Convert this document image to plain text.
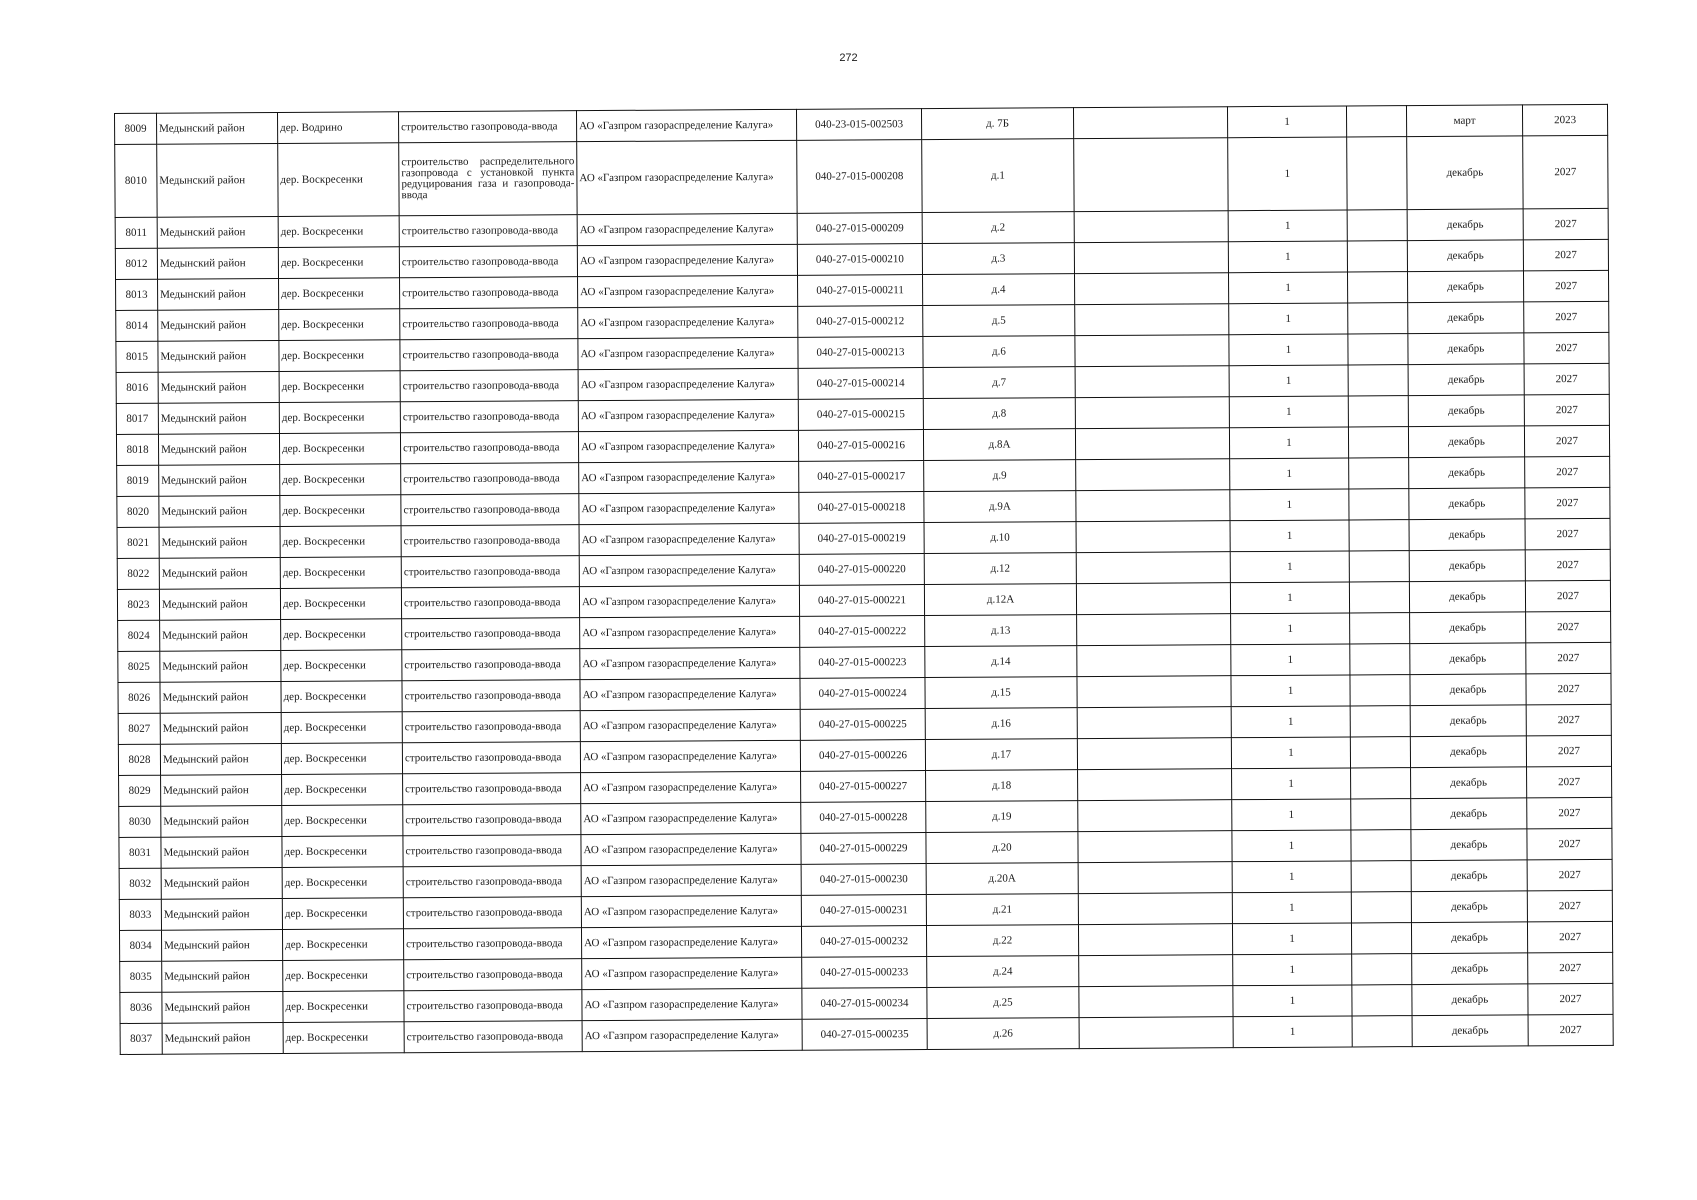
272
8009	Медынский район	дер. Водрино	строительство газопровода-ввода	АО «Газпром газораспределение Калуга»	040-23-015-002503	д. 7Б		1		март	2023
8010	Медынский район	дер. Воскресенки	строительство распределительного газопровода с установкой пункта редуцирования газа и газопровода-ввода	АО «Газпром газораспределение Калуга»	040-27-015-000208	д.1		1		декабрь	2027
8011	Медынский район	дер. Воскресенки	строительство газопровода-ввода	АО «Газпром газораспределение Калуга»	040-27-015-000209	д.2		1		декабрь	2027
8012	Медынский район	дер. Воскресенки	строительство газопровода-ввода	АО «Газпром газораспределение Калуга»	040-27-015-000210	д.3		1		декабрь	2027
8013	Медынский район	дер. Воскресенки	строительство газопровода-ввода	АО «Газпром газораспределение Калуга»	040-27-015-000211	д.4		1		декабрь	2027
8014	Медынский район	дер. Воскресенки	строительство газопровода-ввода	АО «Газпром газораспределение Калуга»	040-27-015-000212	д.5		1		декабрь	2027
8015	Медынский район	дер. Воскресенки	строительство газопровода-ввода	АО «Газпром газораспределение Калуга»	040-27-015-000213	д.6		1		декабрь	2027
8016	Медынский район	дер. Воскресенки	строительство газопровода-ввода	АО «Газпром газораспределение Калуга»	040-27-015-000214	д.7		1		декабрь	2027
8017	Медынский район	дер. Воскресенки	строительство газопровода-ввода	АО «Газпром газораспределение Калуга»	040-27-015-000215	д.8		1		декабрь	2027
8018	Медынский район	дер. Воскресенки	строительство газопровода-ввода	АО «Газпром газораспределение Калуга»	040-27-015-000216	д.8А		1		декабрь	2027
8019	Медынский район	дер. Воскресенки	строительство газопровода-ввода	АО «Газпром газораспределение Калуга»	040-27-015-000217	д.9		1		декабрь	2027
8020	Медынский район	дер. Воскресенки	строительство газопровода-ввода	АО «Газпром газораспределение Калуга»	040-27-015-000218	д.9А		1		декабрь	2027
8021	Медынский район	дер. Воскресенки	строительство газопровода-ввода	АО «Газпром газораспределение Калуга»	040-27-015-000219	д.10		1		декабрь	2027
8022	Медынский район	дер. Воскресенки	строительство газопровода-ввода	АО «Газпром газораспределение Калуга»	040-27-015-000220	д.12		1		декабрь	2027
8023	Медынский район	дер. Воскресенки	строительство газопровода-ввода	АО «Газпром газораспределение Калуга»	040-27-015-000221	д.12А		1		декабрь	2027
8024	Медынский район	дер. Воскресенки	строительство газопровода-ввода	АО «Газпром газораспределение Калуга»	040-27-015-000222	д.13		1		декабрь	2027
8025	Медынский район	дер. Воскресенки	строительство газопровода-ввода	АО «Газпром газораспределение Калуга»	040-27-015-000223	д.14		1		декабрь	2027
8026	Медынский район	дер. Воскресенки	строительство газопровода-ввода	АО «Газпром газораспределение Калуга»	040-27-015-000224	д.15		1		декабрь	2027
8027	Медынский район	дер. Воскресенки	строительство газопровода-ввода	АО «Газпром газораспределение Калуга»	040-27-015-000225	д.16		1		декабрь	2027
8028	Медынский район	дер. Воскресенки	строительство газопровода-ввода	АО «Газпром газораспределение Калуга»	040-27-015-000226	д.17		1		декабрь	2027
8029	Медынский район	дер. Воскресенки	строительство газопровода-ввода	АО «Газпром газораспределение Калуга»	040-27-015-000227	д.18		1		декабрь	2027
8030	Медынский район	дер. Воскресенки	строительство газопровода-ввода	АО «Газпром газораспределение Калуга»	040-27-015-000228	д.19		1		декабрь	2027
8031	Медынский район	дер. Воскресенки	строительство газопровода-ввода	АО «Газпром газораспределение Калуга»	040-27-015-000229	д.20		1		декабрь	2027
8032	Медынский район	дер. Воскресенки	строительство газопровода-ввода	АО «Газпром газораспределение Калуга»	040-27-015-000230	д.20А		1		декабрь	2027
8033	Медынский район	дер. Воскресенки	строительство газопровода-ввода	АО «Газпром газораспределение Калуга»	040-27-015-000231	д.21		1		декабрь	2027
8034	Медынский район	дер. Воскресенки	строительство газопровода-ввода	АО «Газпром газораспределение Калуга»	040-27-015-000232	д.22		1		декабрь	2027
8035	Медынский район	дер. Воскресенки	строительство газопровода-ввода	АО «Газпром газораспределение Калуга»	040-27-015-000233	д.24		1		декабрь	2027
8036	Медынский район	дер. Воскресенки	строительство газопровода-ввода	АО «Газпром газораспределение Калуга»	040-27-015-000234	д.25		1		декабрь	2027
8037	Медынский район	дер. Воскресенки	строительство газопровода-ввода	АО «Газпром газораспределение Калуга»	040-27-015-000235	д.26		1		декабрь	2027
